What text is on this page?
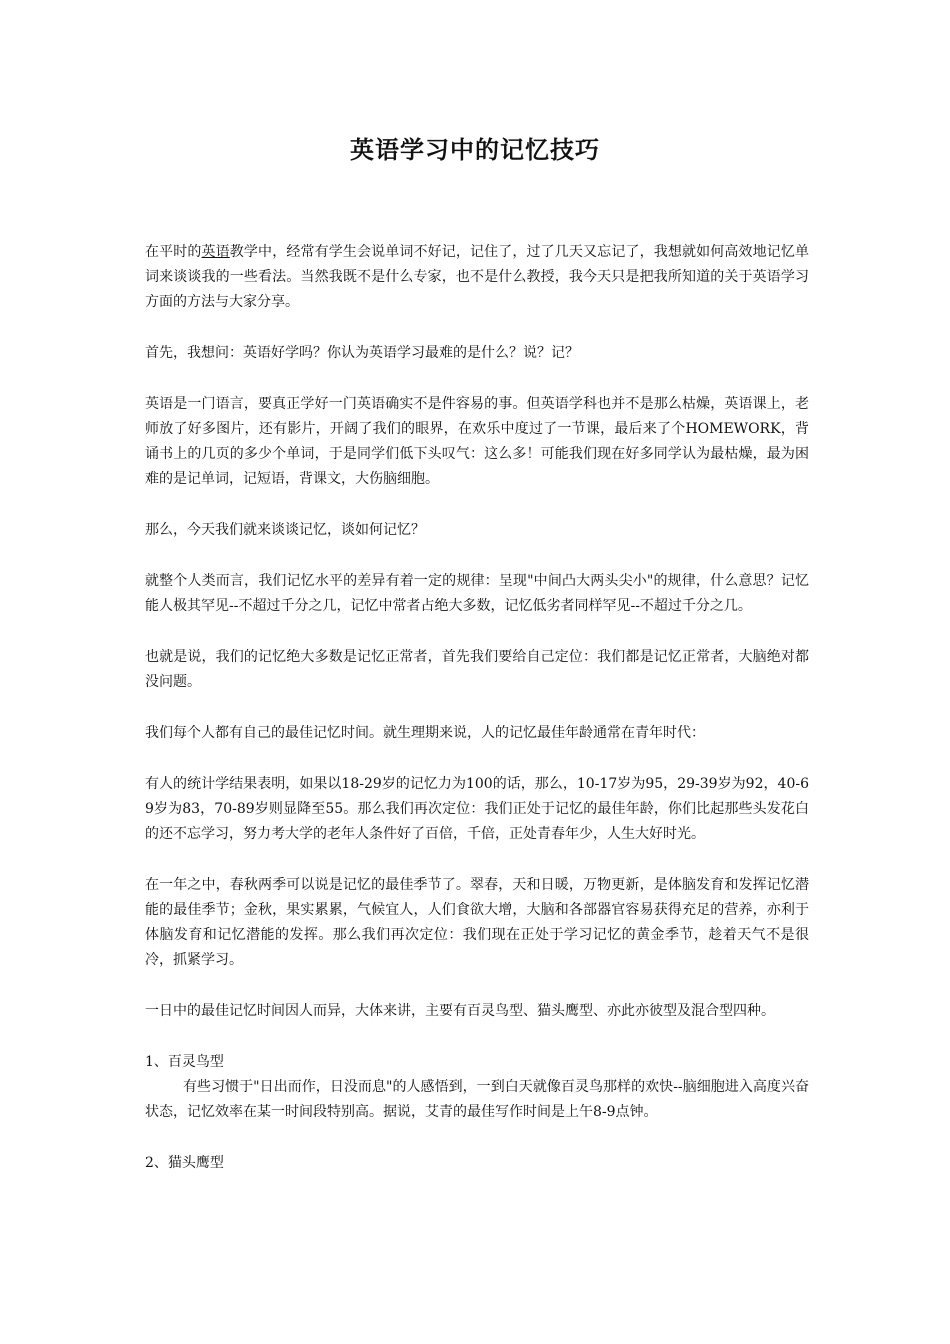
英语学习中的记忆技巧

在平时的英语教学中，经常有学生会说单词不好记，记住了，过了几天又忘记了，我想就如何高效地记忆单词来谈谈我的一些看法。当然我既不是什么专家，也不是什么教授，我今天只是把我所知道的关于英语学习方面的方法与大家分享。

首先，我想问：英语好学吗？你认为英语学习最难的是什么？说？记？

英语是一门语言，要真正学好一门英语确实不是件容易的事。但英语学科也并不是那么枯燥，英语课上，老师放了好多图片，还有影片，开阔了我们的眼界，在欢乐中度过了一节课，最后来了个HOMEWORK，背诵书上的几页的多少个单词，于是同学们低下头叹气：这么多！可能我们现在好多同学认为最枯燥，最为困难的是记单词，记短语，背课文，大伤脑细胞。

那么，今天我们就来谈谈记忆，谈如何记忆？

就整个人类而言，我们记忆水平的差异有着一定的规律：呈现"中间凸大两头尖小"的规律，什么意思？记忆能人极其罕见--不超过千分之几，记忆中常者占绝大多数，记忆低劣者同样罕见--不超过千分之几。

也就是说，我们的记忆绝大多数是记忆正常者，首先我们要给自己定位：我们都是记忆正常者，大脑绝对都没问题。

我们每个人都有自己的最佳记忆时间。就生理期来说，人的记忆最佳年龄通常在青年时代：

有人的统计学结果表明，如果以18-29岁的记忆力为100的话，那么，10-17岁为95，29-39岁为92，40-69岁为83，70-89岁则显降至55。那么我们再次定位：我们正处于记忆的最佳年龄，你们比起那些头发花白的还不忘学习，努力考大学的老年人条件好了百倍，千倍，正处青春年少，人生大好时光。

在一年之中，春秋两季可以说是记忆的最佳季节了。翠春，天和日暖，万物更新，是体脑发育和发挥记忆潜能的最佳季节；金秋，果实累累，气候宜人，人们食欲大增，大脑和各部器官容易获得充足的营养，亦利于体脑发育和记忆潜能的发挥。那么我们再次定位：我们现在正处于学习记忆的黄金季节，趁着天气不是很冷，抓紧学习。

一日中的最佳记忆时间因人而异，大体来讲，主要有百灵鸟型、猫头鹰型、亦此亦彼型及混合型四种。

1、百灵鸟型

有些习惯于"日出而作，日没而息"的人感悟到，一到白天就像百灵鸟那样的欢快--脑细胞进入高度兴奋状态，记忆效率在某一时间段特别高。据说，艾青的最佳写作时间是上午8-9点钟。

2、猫头鹰型
